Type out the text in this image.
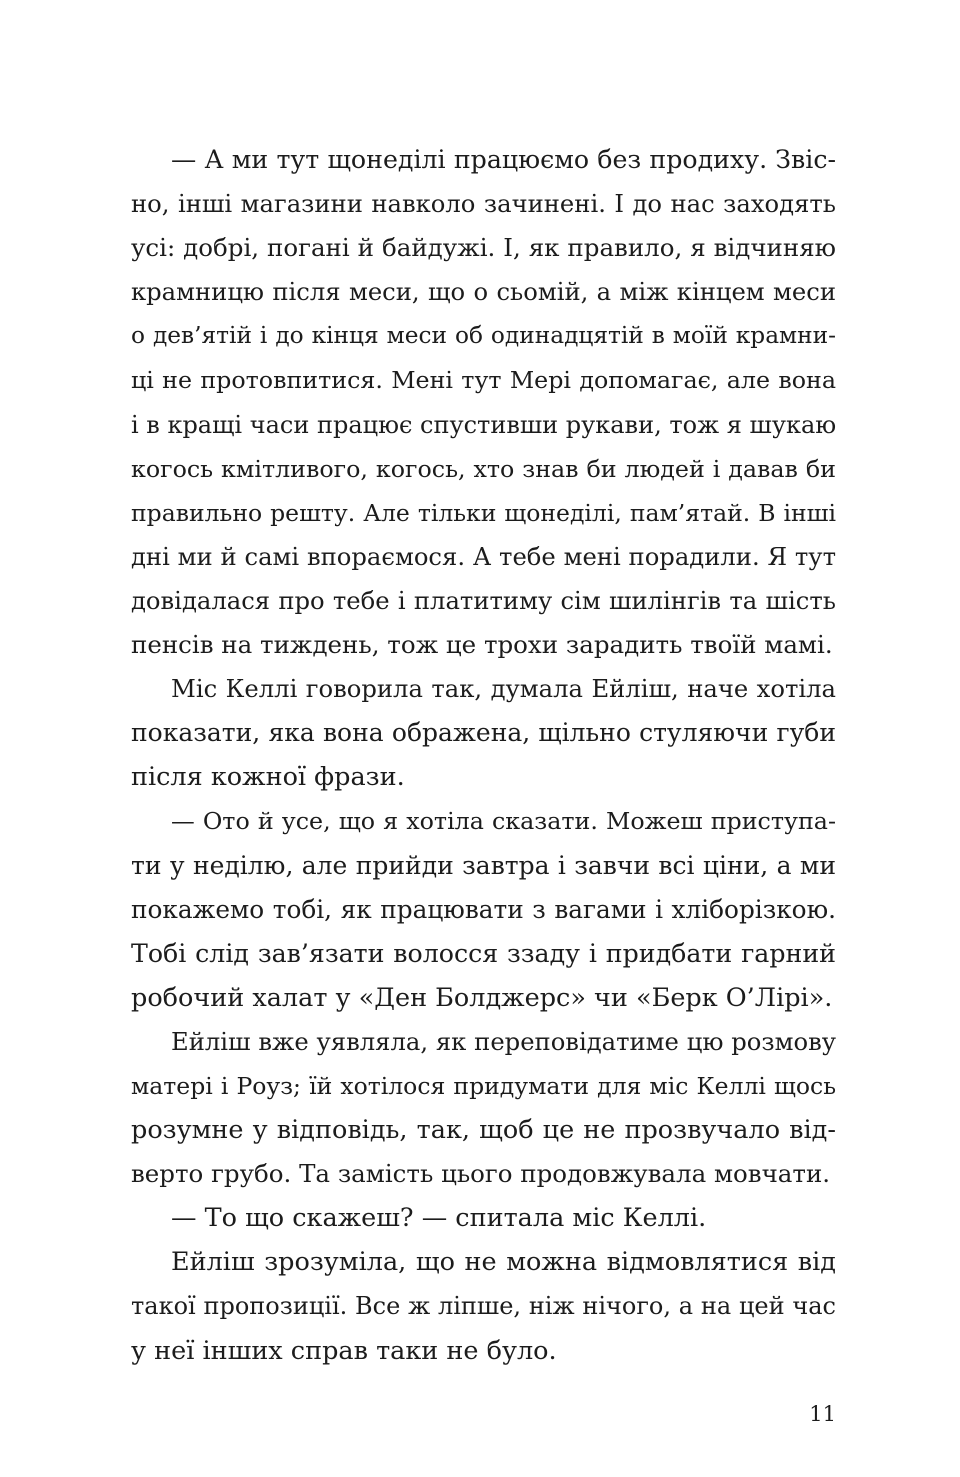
— А ми тут щонеділі працюємо без продиху. Звіс-
но, інші магазини навколо зачинені. І до нас заходять
усі: добрі, погані й байдужі. І, як правило, я відчиняю
крамницю після меси, що о сьомій, а між кінцем меси
о дев’ятій і до кінця меси об одинадцятій в моїй крамни-
ці не протовпитися. Мені тут Мері допомагає, але вона
і в кращі часи працює спустивши рукави, тож я шукаю
когось кмітливого, когось, хто знав би людей і давав би
правильно решту. Але тільки щонеділі, пам’ятай. В інші
дні ми й самі впораємося. А тебе мені порадили. Я тут
довідалася про тебе і платитиму сім шилінгів та шість
пенсів на тиждень, тож це трохи зарадить твоїй мамі.
Міс Келлі говорила так, думала Ейліш, наче хотіла
показати, яка вона ображена, щільно стуляючи губи
після кожної фрази.
— Ото й усе, що я хотіла сказати. Можеш приступа-
ти у неділю, але прийди завтра і завчи всі ціни, а ми
покажемо тобі, як працювати з вагами і хліборізкою.
Тобі слід зав’язати волосся ззаду і придбати гарний
робочий халат у «Ден Болджерс» чи «Берк О’Лірі».
Ейліш вже уявляла, як переповідатиме цю розмову
матері і Роуз; їй хотілося придумати для міс Келлі щось
розумне у відповідь, так, щоб це не прозвучало від-
верто грубо. Та замість цього продовжувала мовчати.
— То що скажеш? — спитала міс Келлі.
Ейліш зрозуміла, що не можна відмовлятися від
такої пропозиції. Все ж ліпше, ніж нічого, а на цей час
у неї інших справ таки не було.
11
